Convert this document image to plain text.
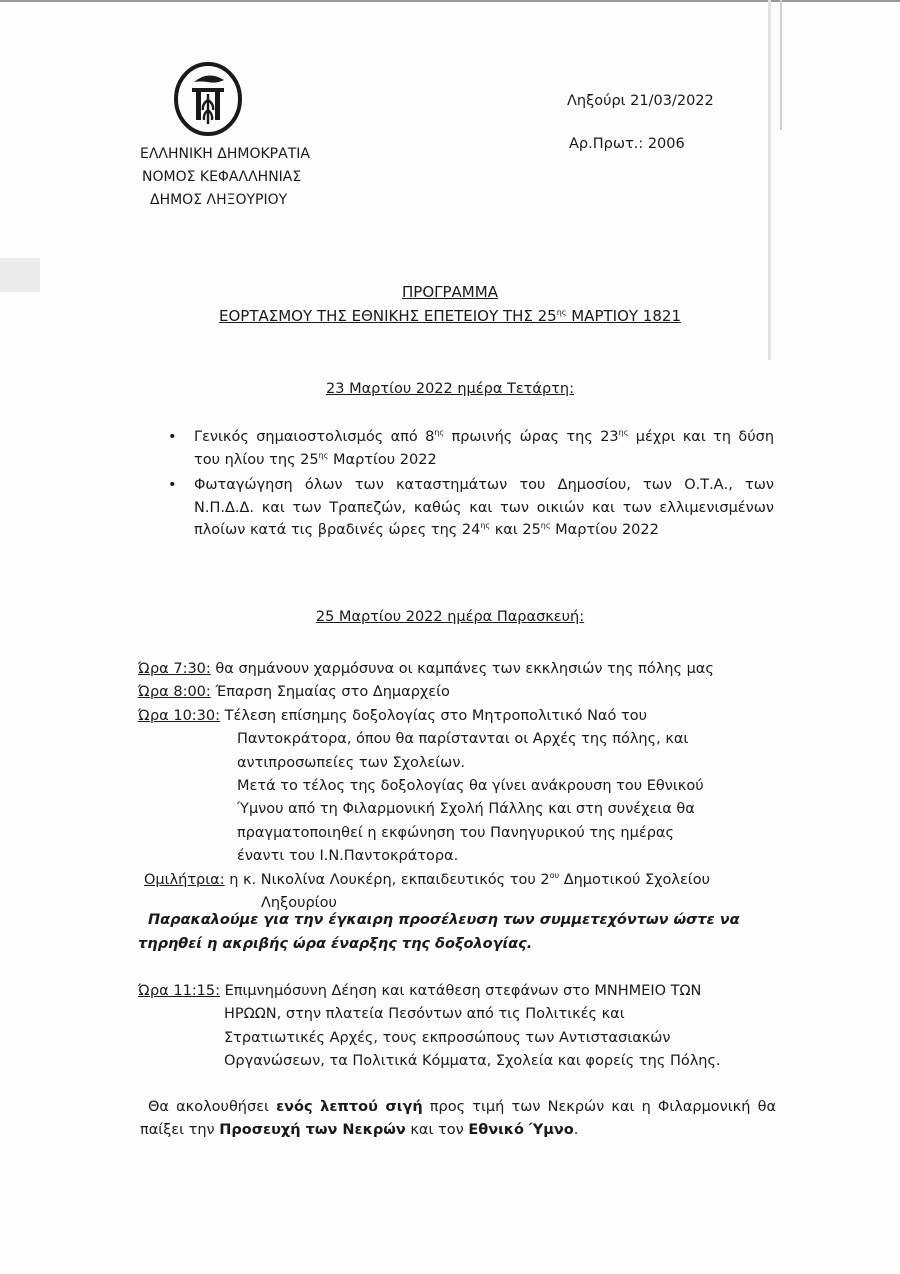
ΕΛΛΗΝΙΚΗ ΔΗΜΟΚΡΑΤΙΑ
ΝΟΜΟΣ ΚΕΦΑΛΛΗΝΙΑΣ
ΔΗΜΟΣ ΛΗΞΟΥΡΙΟΥ
Ληξούρι 21/03/2022
Αρ.Πρωτ.: 2006
ΠΡΟΓΡΑΜΜΑ
ΕΟΡΤΑΣΜΟΥ ΤΗΣ ΕΘΝΙΚΗΣ ΕΠΕΤΕΙΟΥ ΤΗΣ $25^{\eta\varsigma}$ ΜΑΡΤΙΟΥ 1821
23 Μαρτίου 2022 ημέρα Τετάρτη:
• Γενικός σημαιοστολισμός από $8^{\eta\varsigma}$ πρωινής ώρας της $23^{\eta\varsigma}$ μέχρι και τη δύση του ηλίου της $25^{\eta\varsigma}$ Μαρτίου 2022
• Φωταγώγηση όλων των καταστημάτων του Δημοσίου, των Ο.Τ.Α., των Ν.Π.Δ.Δ. και των Τραπεζών, καθώς και των οικιών και των ελλιμενισμένων πλοίων κατά τις βραδινές ώρες της $24^{\eta\varsigma}$ και $25^{\eta\varsigma}$ Μαρτίου 2022
25 Μαρτίου 2022 ημέρα Παρασκευή:
Ώρα 7:30: θα σημάνουν χαρμόσυνα οι καμπάνες των εκκλησιών της πόλης μας
Ώρα 8:00: Έπαρση Σημαίας στο Δημαρχείο
Ώρα 10:30: Τέλεση επίσημης δοξολογίας στο Μητροπολιτικό Ναό του
Παντοκράτορα, όπου θα παρίστανται οι Αρχές της πόλης, και
αντιπροσωπείες των Σχολείων.
Μετά το τέλος της δοξολογίας θα γίνει ανάκρουση του Εθνικού
Ύμνου από τη Φιλαρμονική Σχολή Πάλλης και στη συνέχεια θα
πραγματοποιηθεί η εκφώνηση του Πανηγυρικού της ημέρας
έναντι του Ι.Ν.Παντοκράτορα.
Ομιλήτρια: η κ. Νικολίνα Λουκέρη, εκπαιδευτικός του $2^{o\upsilon}$ Δημοτικού Σχολείου
Ληξουρίου
Παρακαλούμε για την έγκαιρη προσέλευση των συμμετεχόντων ώστε να τηρηθεί η ακριβής ώρα έναρξης της δοξολογίας.
Ώρα 11:15: Επιμνημόσυνη Δέηση και κατάθεση στεφάνων στο ΜΝΗΜΕΙΟ ΤΩΝ
ΗΡΩΩΝ, στην πλατεία Πεσόντων από τις Πολιτικές και
Στρατιωτικές Αρχές, τους εκπροσώπους των Αντιστασιακών
Οργανώσεων, τα Πολιτικά Κόμματα, Σχολεία και φορείς της Πόλης.
Θα ακολουθήσει ενός λεπτού σιγή προς τιμή των Νεκρών και η Φιλαρμονική θα παίξει την Προσευχή των Νεκρών και τον Εθνικό Ύμνο.
